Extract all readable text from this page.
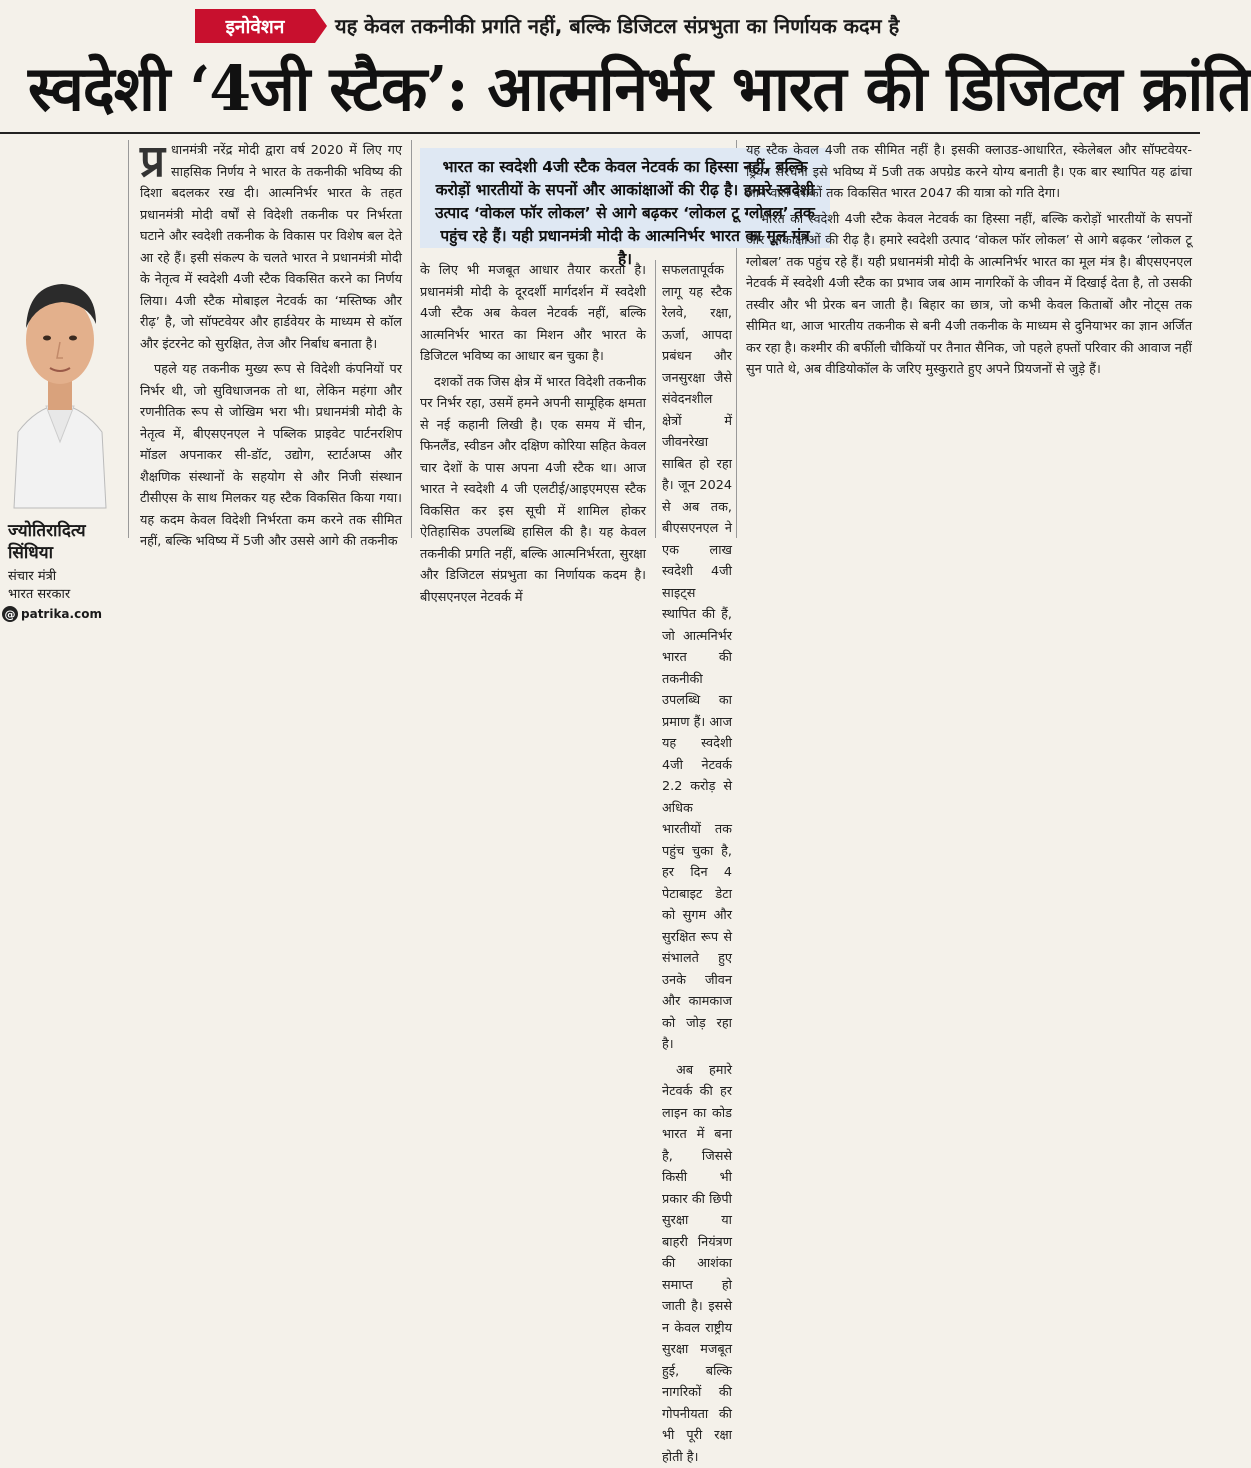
इनोवेशन	यह केवल तकनीकी प्रगति नहीं, बल्कि डिजिटल संप्रभुता का निर्णायक कदम है
स्वदेशी ‘4जी स्टैक’: आत्मनिर्भर भारत की डिजिटल क्रांति
ज्योतिरादित्य
सिंधिया
संचार मंत्री
भारत सरकार
@ patrika.com

प्र धानमंत्री नरेंद्र मोदी द्वारा वर्ष 2020 में लिए गए साहसिक निर्णय ने भारत के तकनीकी भविष्य की दिशा बदलकर रख दी। आत्मनिर्भर भारत के तहत प्रधानमंत्री मोदी वर्षों से विदेशी तकनीक पर निर्भरता घटाने और स्वदेशी तकनीक के विकास पर विशेष बल देते आ रहे हैं। इसी संकल्प के चलते भारत ने प्रधानमंत्री मोदी के नेतृत्व में स्वदेशी 4जी स्टैक विकसित करने का निर्णय लिया। 4जी स्टैक मोबाइल नेटवर्क का ‘मस्तिष्क और रीढ़’ है, जो सॉफ्टवेयर और हार्डवेयर के माध्यम से कॉल और इंटरनेट को सुरक्षित, तेज और निर्बाध बनाता है।

पहले यह तकनीक मुख्य रूप से विदेशी कंपनियों पर निर्भर थी, जो सुविधाजनक तो था, लेकिन महंगा और रणनीतिक रूप से जोखिम भरा भी। प्रधानमंत्री मोदी के नेतृत्व में, बीएसएनएल ने पब्लिक प्राइवेट पार्टनरशिप मॉडल अपनाकर सी-डॉट, उद्योग, स्टार्टअप्स और शैक्षणिक संस्थानों के सहयोग से और निजी संस्थान टीसीएस के साथ मिलकर यह स्टैक विकसित किया गया। यह कदम केवल विदेशी निर्भरता कम करने तक सीमित नहीं, बल्कि भविष्य में 5जी और उससे आगे की तकनीक

भारत का स्वदेशी 4जी स्टैक केवल नेटवर्क का हिस्सा नहीं, बल्कि करोड़ों भारतीयों के सपनों और आकांक्षाओं की रीढ़ है। हमारे स्वदेशी उत्पाद ‘वोकल फॉर लोकल’ से आगे बढ़कर ‘लोकल टू ग्लोबल’ तक पहुंच रहे हैं। यही प्रधानमंत्री मोदी के आत्मनिर्भर भारत का मूल मंत्र है।

के लिए भी मजबूत आधार तैयार करता है। प्रधानमंत्री मोदी के दूरदर्शी मार्गदर्शन में स्वदेशी 4जी स्टैक अब केवल नेटवर्क नहीं, बल्कि आत्मनिर्भर भारत का मिशन और भारत के डिजिटल भविष्य का आधार बन चुका है।

दशकों तक जिस क्षेत्र में भारत विदेशी तकनीक पर निर्भर रहा, उसमें हमने अपनी सामूहिक क्षमता से नई कहानी लिखी है। एक समय में चीन, फिनलैंड, स्वीडन और दक्षिण कोरिया सहित केवल चार देशों के पास अपना 4जी स्टैक था। आज भारत ने स्वदेशी 4 जी एलटीई/आइएमएस स्टैक विकसित कर इस सूची में शामिल होकर ऐतिहासिक उपलब्धि हासिल की है। यह केवल तकनीकी प्रगति नहीं, बल्कि आत्मनिर्भरता, सुरक्षा और डिजिटल संप्रभुता का निर्णायक कदम है। बीएसएनएल नेटवर्क में

सफलतापूर्वक लागू यह स्टैक रेलवे, रक्षा, ऊर्जा, आपदा प्रबंधन और जनसुरक्षा जैसे संवेदनशील क्षेत्रों में जीवनरेखा साबित हो रहा है। जून 2024 से अब तक, बीएसएनएल ने एक लाख स्वदेशी 4जी साइट्स स्थापित की हैं, जो आत्मनिर्भर भारत की तकनीकी उपलब्धि का प्रमाण हैं। आज यह स्वदेशी 4जी नेटवर्क 2.2 करोड़ से अधिक भारतीयों तक पहुंच चुका है, हर दिन 4 पेटाबाइट डेटा को सुगम और सुरक्षित रूप से संभालते हुए उनके जीवन और कामकाज को जोड़ रहा है।

अब हमारे नेटवर्क की हर लाइन का कोड भारत में बना है, जिससे किसी भी प्रकार की छिपी सुरक्षा या बाहरी नियंत्रण की आशंका समाप्त हो जाती है। इससे न केवल राष्ट्रीय सुरक्षा मजबूत हुई, बल्कि नागरिकों की गोपनीयता की भी पूरी रक्षा होती है।

यह स्टैक केवल 4जी तक सीमित नहीं है। इसकी क्लाउड-आधारित, स्केलेबल और सॉफ्टवेयर-ड्रिवन संरचना इसे भविष्य में 5जी तक अपग्रेड करने योग्य बनाती है। एक बार स्थापित यह ढांचा आने वाले दशकों तक विकसित भारत 2047 की यात्रा को गति देगा।

भारत का स्वदेशी 4जी स्टैक केवल नेटवर्क का हिस्सा नहीं, बल्कि करोड़ों भारतीयों के सपनों और आकांक्षाओं की रीढ़ है। हमारे स्वदेशी उत्पाद ‘वोकल फॉर लोकल’ से आगे बढ़कर ‘लोकल टू ग्लोबल’ तक पहुंच रहे हैं। यही प्रधानमंत्री मोदी के आत्मनिर्भर भारत का मूल मंत्र है। बीएसएनएल नेटवर्क में स्वदेशी 4जी स्टैक का प्रभाव जब आम नागरिकों के जीवन में दिखाई देता है, तो उसकी तस्वीर और भी प्रेरक बन जाती है। बिहार का छात्र, जो कभी केवल किताबों और नोट्स तक सीमित था, आज भारतीय तकनीक से बनी 4जी तकनीक के माध्यम से दुनियाभर का ज्ञान अर्जित कर रहा है। कश्मीर की बर्फीली चौकियों पर तैनात सैनिक, जो पहले हफ्तों परिवार की आवाज नहीं सुन पाते थे, अब वीडियोकॉल के जरिए मुस्कुराते हुए अपने प्रियजनों से जुड़े हैं।
